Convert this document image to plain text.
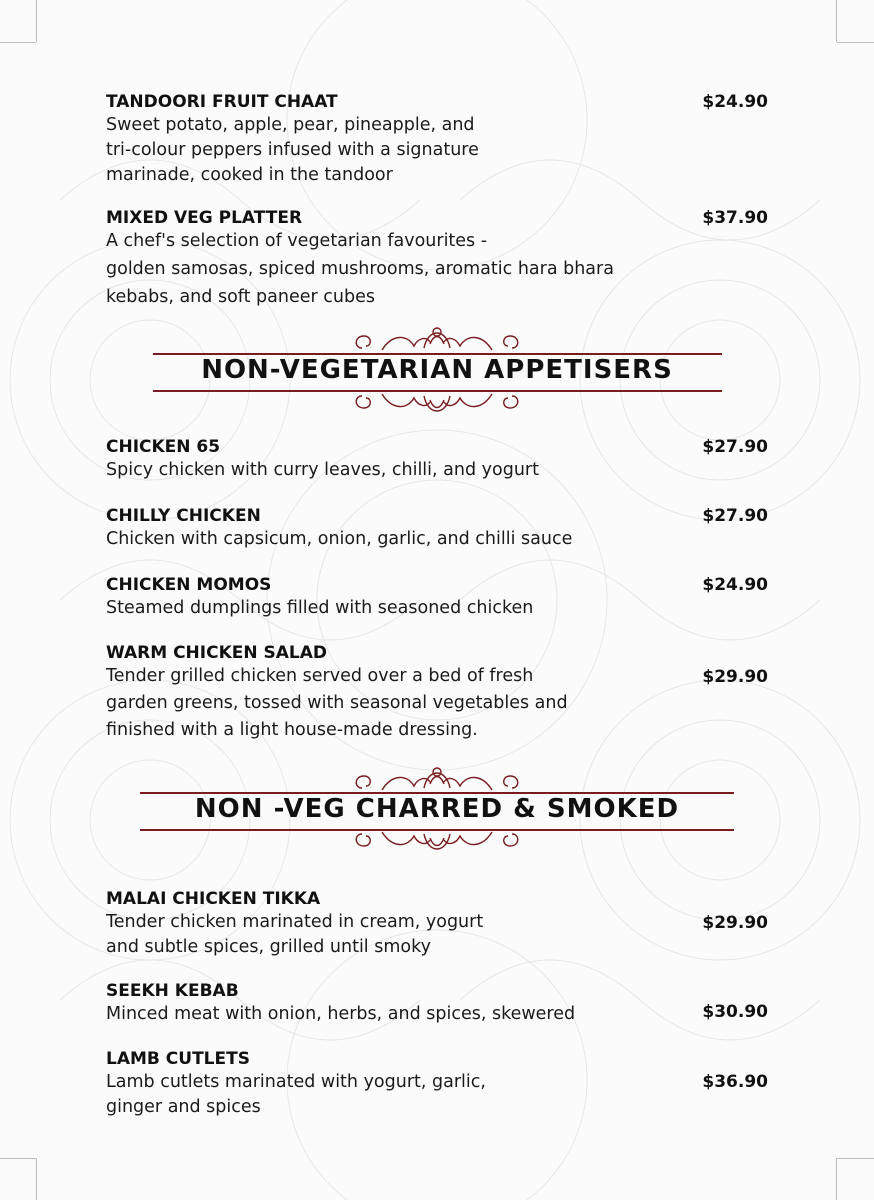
TANDOORI FRUIT CHAAT
Sweet potato, apple, pear, pineapple, and
tri-colour peppers infused with a signature
marinade, cooked in the tandoor
$24.90
MIXED VEG PLATTER
A chef's selection of vegetarian favourites -
golden samosas, spiced mushrooms, aromatic hara bhara
kebabs, and soft paneer cubes
$37.90
NON-VEGETARIAN APPETISERS
CHICKEN 65
Spicy chicken with curry leaves, chilli, and yogurt
$27.90
CHILLY CHICKEN
Chicken with capsicum, onion, garlic, and chilli sauce
$27.90
CHICKEN MOMOS
Steamed dumplings filled with seasoned chicken
$24.90
WARM CHICKEN SALAD
Tender grilled chicken served over a bed of fresh
garden greens, tossed with seasonal vegetables and
finished with a light house-made dressing.
$29.90
NON -VEG CHARRED & SMOKED
MALAI CHICKEN TIKKA
Tender chicken marinated in cream, yogurt
and subtle spices, grilled until smoky
$29.90
SEEKH KEBAB
Minced meat with onion, herbs, and spices, skewered	$30.90
LAMB CUTLETS
Lamb cutlets marinated with yogurt, garlic,
ginger and spices
$36.90
